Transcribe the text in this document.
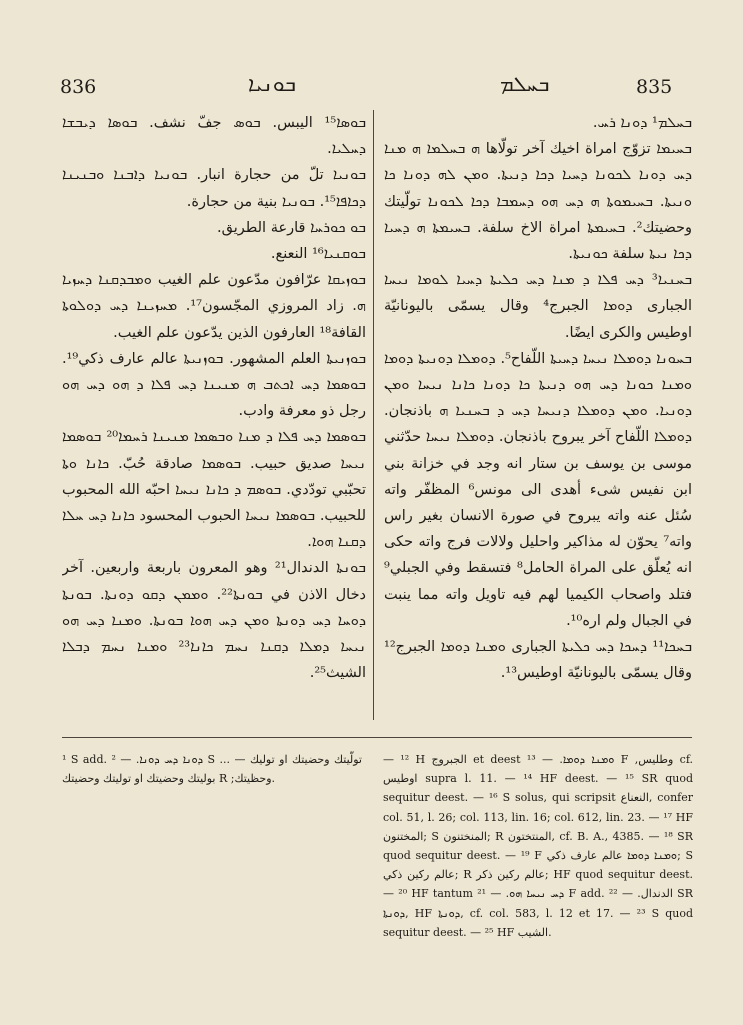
836	ܒܘܢܝܐ	ܒܚܠܡ	835

ܒܘܣܐ¹⁵ اليبس. ܒܘܣ جفّ نشف. ܒܘܣܐ ܕܝܒܫܐ ܕܚܠܝܐ.

ܒܘܢܝܐ تلّ من حجارة انبار. ܒܘܢܝܐ ܕܐܒܢܐ ܘܒܢܝܢܐ ܕܟܐܦܐ¹⁵. ܒܘܢܝܐ بنية من حجارة.

ܒܘ ܟܘܪܚܐ قارعة الطريق.

ܒܘܩܢܝܐ¹⁶ النعنع.

ܒܘܙܝܩܐ عرّافون مدّعون علم الغيب ܘܡܒܕܩܢܐ ܕܚܙܝܐ ܗ. زاد المروزي المجّسون¹⁷. ܡܚܙܝܢܐ ܕܚ ܕܘܠܘܬܐ القافة¹⁸ العارفون الذين يدّعون علم الغيب.

ܒܘܙܢܝܬܐ العلم المشهور. ܒܘܙܢܝܬܐ عالم عارف ذكي¹⁹. ܒܘܣܡܐ ܕܚ ܐܟܬܒ ܗ ܡܢܝܢܐ ܕܚ ܦܠܐ ܕ ܗܘ ܕܚ ܗܘ رجل ذو معرفة وادب.

ܒܘܣܡܐ ܕܚ ܦܠܐ ܕ ܡܢܐ ܘܒܣܡܐ ܡܢܝܢܐ ܪܚܡܐ²⁰ ܒܘܣܡܐ ܢܝܚܐ صديق حبيب. ܒܘܣܡܐ صادقة حُبّ. ܟܐܢܐ ܘܬܐ تحبّبي تودّدي. ܒܘܣܡ ܕ ܟܐܢܐ ܢܝܚܐ احبّه الله المحبوب للحبيب. ܒܘܣܡܐ ܢܝܚܐ الحبوب المحسود ܟܐܢܐ ܕܚ ܚܠܐ ܕܩܢܐ ܗܘܐ.

ܒܘܢܬܐ الدندال²¹ وهو المعرون باربعة واربعين. آخر دخال الاذن في ܒܘܢܬܐ²². ܘܡܡܢ ܕܩܘ ܕܘܢܬܐ. ܒܘܢܬܐ ܕܘܚܐ ܕܚ ܕܘܢܬܐ ܘܡܢ ܕܚ ܗܘܐ ܒܘܢܬܐ. ܘܡܢܐ ܕܚ ܗܘ ܢܝܚܐ ܕܡܠܐ ܕܩܢܐ ܢܚܡ ܟܐܢܐ²³ ܘܡܢܐ ܢܚܡ ܕܒܠܐ الشيث²⁵.

ܒܚܠܡ¹ ܕܘܢܐ ܪܚ.

ܒܚܝܡܐ تزوّج امراة اخيك آخر تولّاها ܗ ܒܚܠܡܐ ܗ ܡܢܐ ܕܚ ܕܘܢܐ ܠܟܘܢܐ ܕܚܝܐ ܕܟܐ ܕܢܝܬܐ. ܘܡܢ ܠܗ ܕܘܢܐ ܟܐ ܘܢܝܬܐ. ܒܚܝܡܘܬܐ ܗ ܕܚ ܗܘ ܕܚܡܒܐ ܕܟܐ ܠܟܘܢܐ تولّيتك وحضيتك². ܒܚܝܡܬܐ امراة الاخ سلفة. ܒܚܝܡܬܐ ܗ ܕܚܝܐ ܕܟܐ ܢܝܬܐ سلفة ܟܘܢܝܬܐ.

ܒܚܢܝܐ³ ܕܚ ܦܠܐ ܕ ܡܢܐ ܕܚ ܟܠܝܬܐ ܕܚܝܐ ܠܘܡܐ ܢܝܚܐ الجبارى ܕܘܡܐ الجبرج⁴ وقال يسمّى باليونانيّة اوطيس والكرى ايضًا.

ܒܚܘܢܐ ܕܘܡܠܐ ܢܝܚܐ ܕܚܝܬܐ اللّفاح⁵. ܕܘܡܠܐ ܕܘܢܝܬܐ ܕܘܡܐ ܘܡܢܐ ܟܘܢܐ ܕܚ ܗܘ ܕܢܝܬܐ ܟܐ ܕܘܢܐ ܟܐܢܐ ܢܝܚܐ ܘܡܢ ܕܘܢܝܐ. ܘܡܢ ܕܘܡܠܐ ܕܢܝܚܐ ܕܚ ܕ ܒܚܢܝܐ ܗ باذنجان. ܕܘܡܠܐ اللّفاح آخر يبروح باذنجان. ܕܘܡܠܐ ܢܝܚܐ حدّثني موسى بن يوسف بن ستار انه وجد في خزانة بني ابن نفيس شىء أهدى الى مونس⁶ المظفّر واته سُئل عنه واته يبروح في صورة الانسان بغير راس واته⁷ يحوّن له مذاكير واحليل ولالات فرج واته حكى انه يُعلّق على المراة الحامل⁸ فتسقط وفي الجبلي⁹ فتلد واصحاب الكيميا لهم فيه تاويل واته مما ينبت في الجبال ولم اره¹⁰.

ܒܚܟܐ¹¹ ܕܚܟܐ ܕܚ ܟܠܝܬܐ الجبارى ܘܡܢܐ ܕܘܡܐ الجبرج¹² وقال يسمّى باليونانيّة اوطيس¹³.

¹ S add. ܕܘܢܐ ܕܚ ܕܘܢܐ. — ² S ... تولّيتك وحضيتك او توليك — بوليتك وحضيتك او توليتك وحضيتك R ;وحظيتك.

— ¹² H الجبروج et deest ܘܡܢܐ ܕܘܡܐ. — ¹³ F ,وطليس cf. اوطيس supra l. 11. — ¹⁴ HF deest. — ¹⁵ SR quod sequitur deest. — ¹⁶ S solus, qui scripsit النعناع, confer col. 51, l. 26; col. 113, lin. 16; col. 612, lin. 23. — ¹⁷ HF المختنون; S المنختنون; R المنتختون, cf. B. A., 4385. — ¹⁸ SR quod sequitur deest. — ¹⁹ F ܘܡܢܐ ܕܘܡܐ عالم عارف ذكي; S عالم ركين ذكي; R عالم ركين ذكر; HF quod sequitur deest. — ²⁰ HF tantum ܕܚ ܢܝܚܐ ܗܘ. — ²¹ F add. الدندال. — ²² SR ܕܘܢܬܐ, HF ܕܘܢܬܐ, cf. col. 583, l. 12 et 17. — ²³ S quod sequitur deest. — ²⁵ HF الشيب.
